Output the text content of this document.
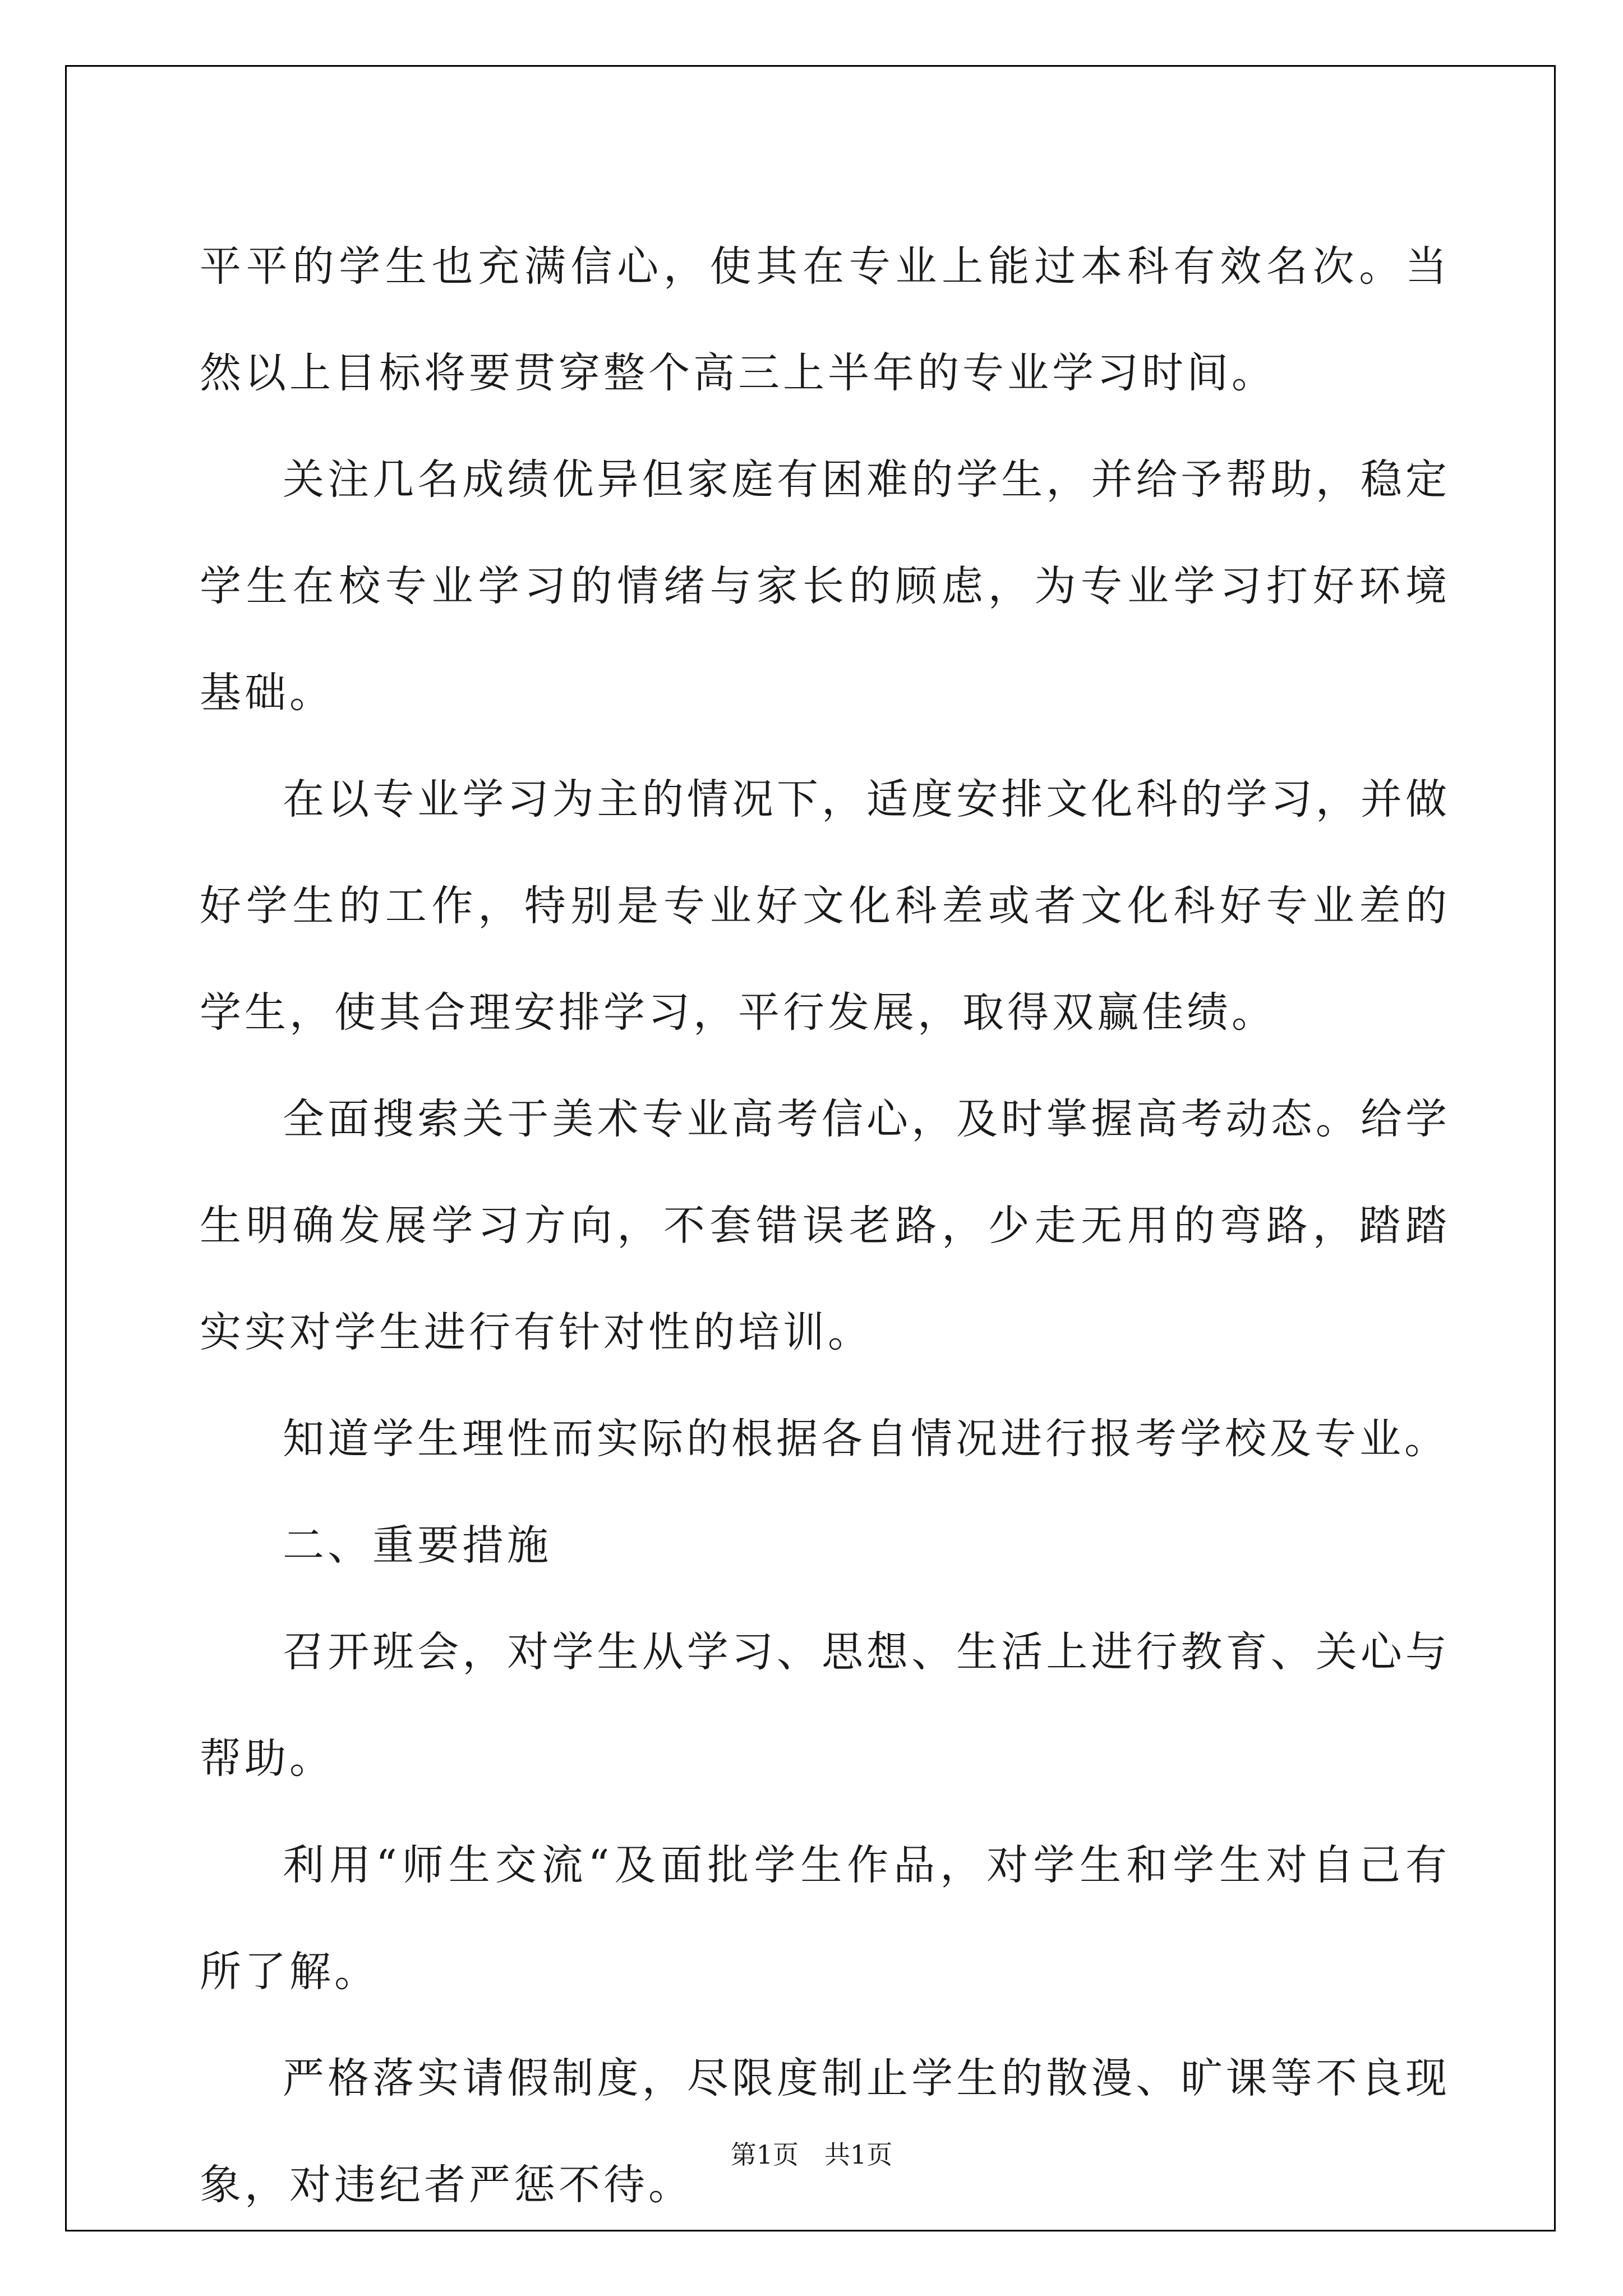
平平的学生也充满信心，使其在专业上能过本科有效名次。当然以上目标将要贯穿整个高三上半年的专业学习时间。

关注几名成绩优异但家庭有困难的学生，并给予帮助，稳定学生在校专业学习的情绪与家长的顾虑，为专业学习打好环境基础。

在以专业学习为主的情况下，适度安排文化科的学习，并做好学生的工作，特别是专业好文化科差或者文化科好专业差的学生，使其合理安排学习，平行发展，取得双赢佳绩。

全面搜索关于美术专业高考信心，及时掌握高考动态。给学生明确发展学习方向，不套错误老路，少走无用的弯路，踏踏实实对学生进行有针对性的培训。

知道学生理性而实际的根据各自情况进行报考学校及专业。

二、重要措施

召开班会，对学生从学习、思想、生活上进行教育、关心与帮助。

利用“师生交流“及面批学生作品，对学生和学生对自己有所了解。

严格落实请假制度，尽限度制止学生的散漫、旷课等不良现象，对违纪者严惩不待。

第1页 共1页
